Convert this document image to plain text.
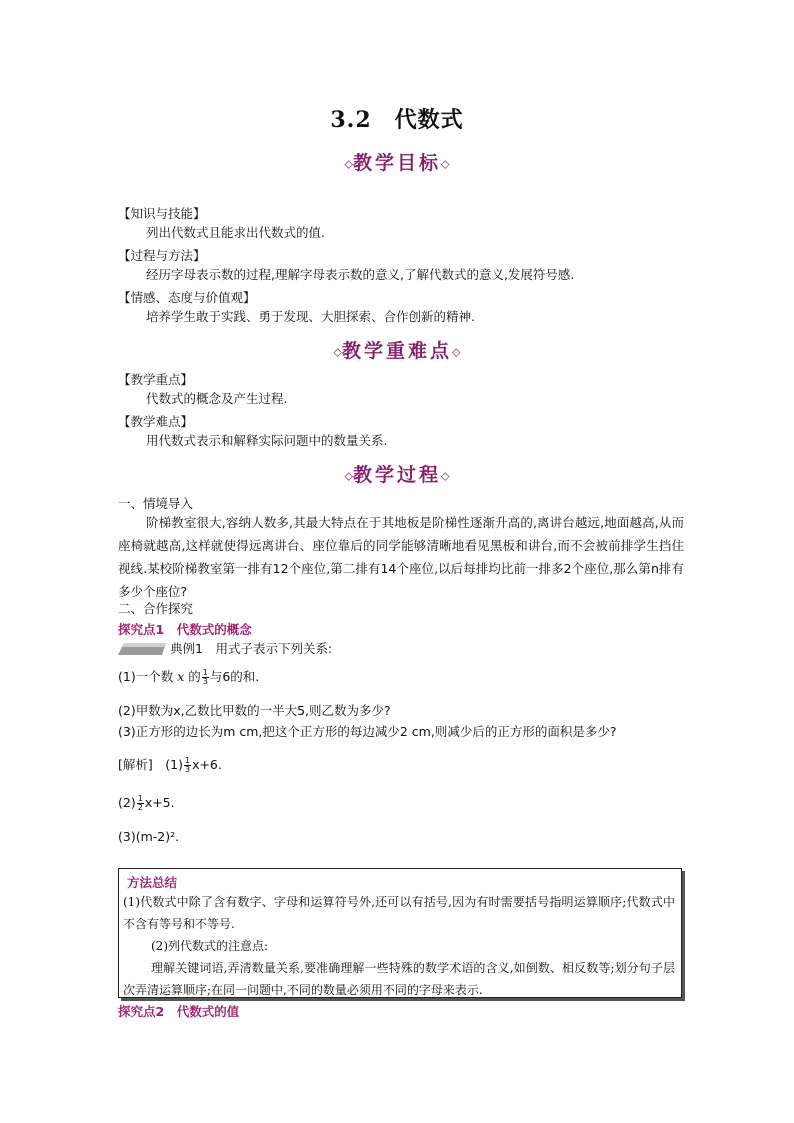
3.2　代数式
◇教学目标◇
【知识与技能】
列出代数式且能求出代数式的值.
【过程与方法】
经历字母表示数的过程,理解字母表示数的意义,了解代数式的意义,发展符号感.
【情感、态度与价值观】
培养学生敢于实践、勇于发现、大胆探索、合作创新的精神.
◇教学重难点◇
【教学重点】
代数式的概念及产生过程.
【教学难点】
用代数式表示和解释实际问题中的数量关系.
◇教学过程◇
一、情境导入
阶梯教室很大,容纳人数多,其最大特点在于其地板是阶梯性逐渐升高的,离讲台越远,地面越高,从而座椅就越高,这样就使得远离讲台、座位靠后的同学能够清晰地看见黑板和讲台,而不会被前排学生挡住视线.某校阶梯教室第一排有12个座位,第二排有14个座位,以后每排均比前一排多2个座位,那么第n排有多少个座位?
二、合作探究
探究点1　代数式的概念
典例1　用式子表示下列关系:
(1)一个数 x 的 $\frac{1}{3}$ 与6的和.
(2)甲数为x,乙数比甲数的一半大5,则乙数为多少?
(3)正方形的边长为m cm,把这个正方形的每边减少2 cm,则减少后的正方形的面积是多少?
[解析]　$(1) \frac{1}{3} x+6$.
$(2) \frac{1}{2} x+5$.
(3)(m-2)².
方法总结
(1)代数式中除了含有数字、字母和运算符号外,还可以有括号,因为有时需要括号指明运算顺序;代数式中不含有等号和不等号.
(2)列代数式的注意点:
理解关键词语,弄清数量关系,要准确理解一些特殊的数学术语的含义,如倒数、相反数等;划分句子层次弄清运算顺序;在同一问题中,不同的数量必须用不同的字母来表示.
探究点2　代数式的值
